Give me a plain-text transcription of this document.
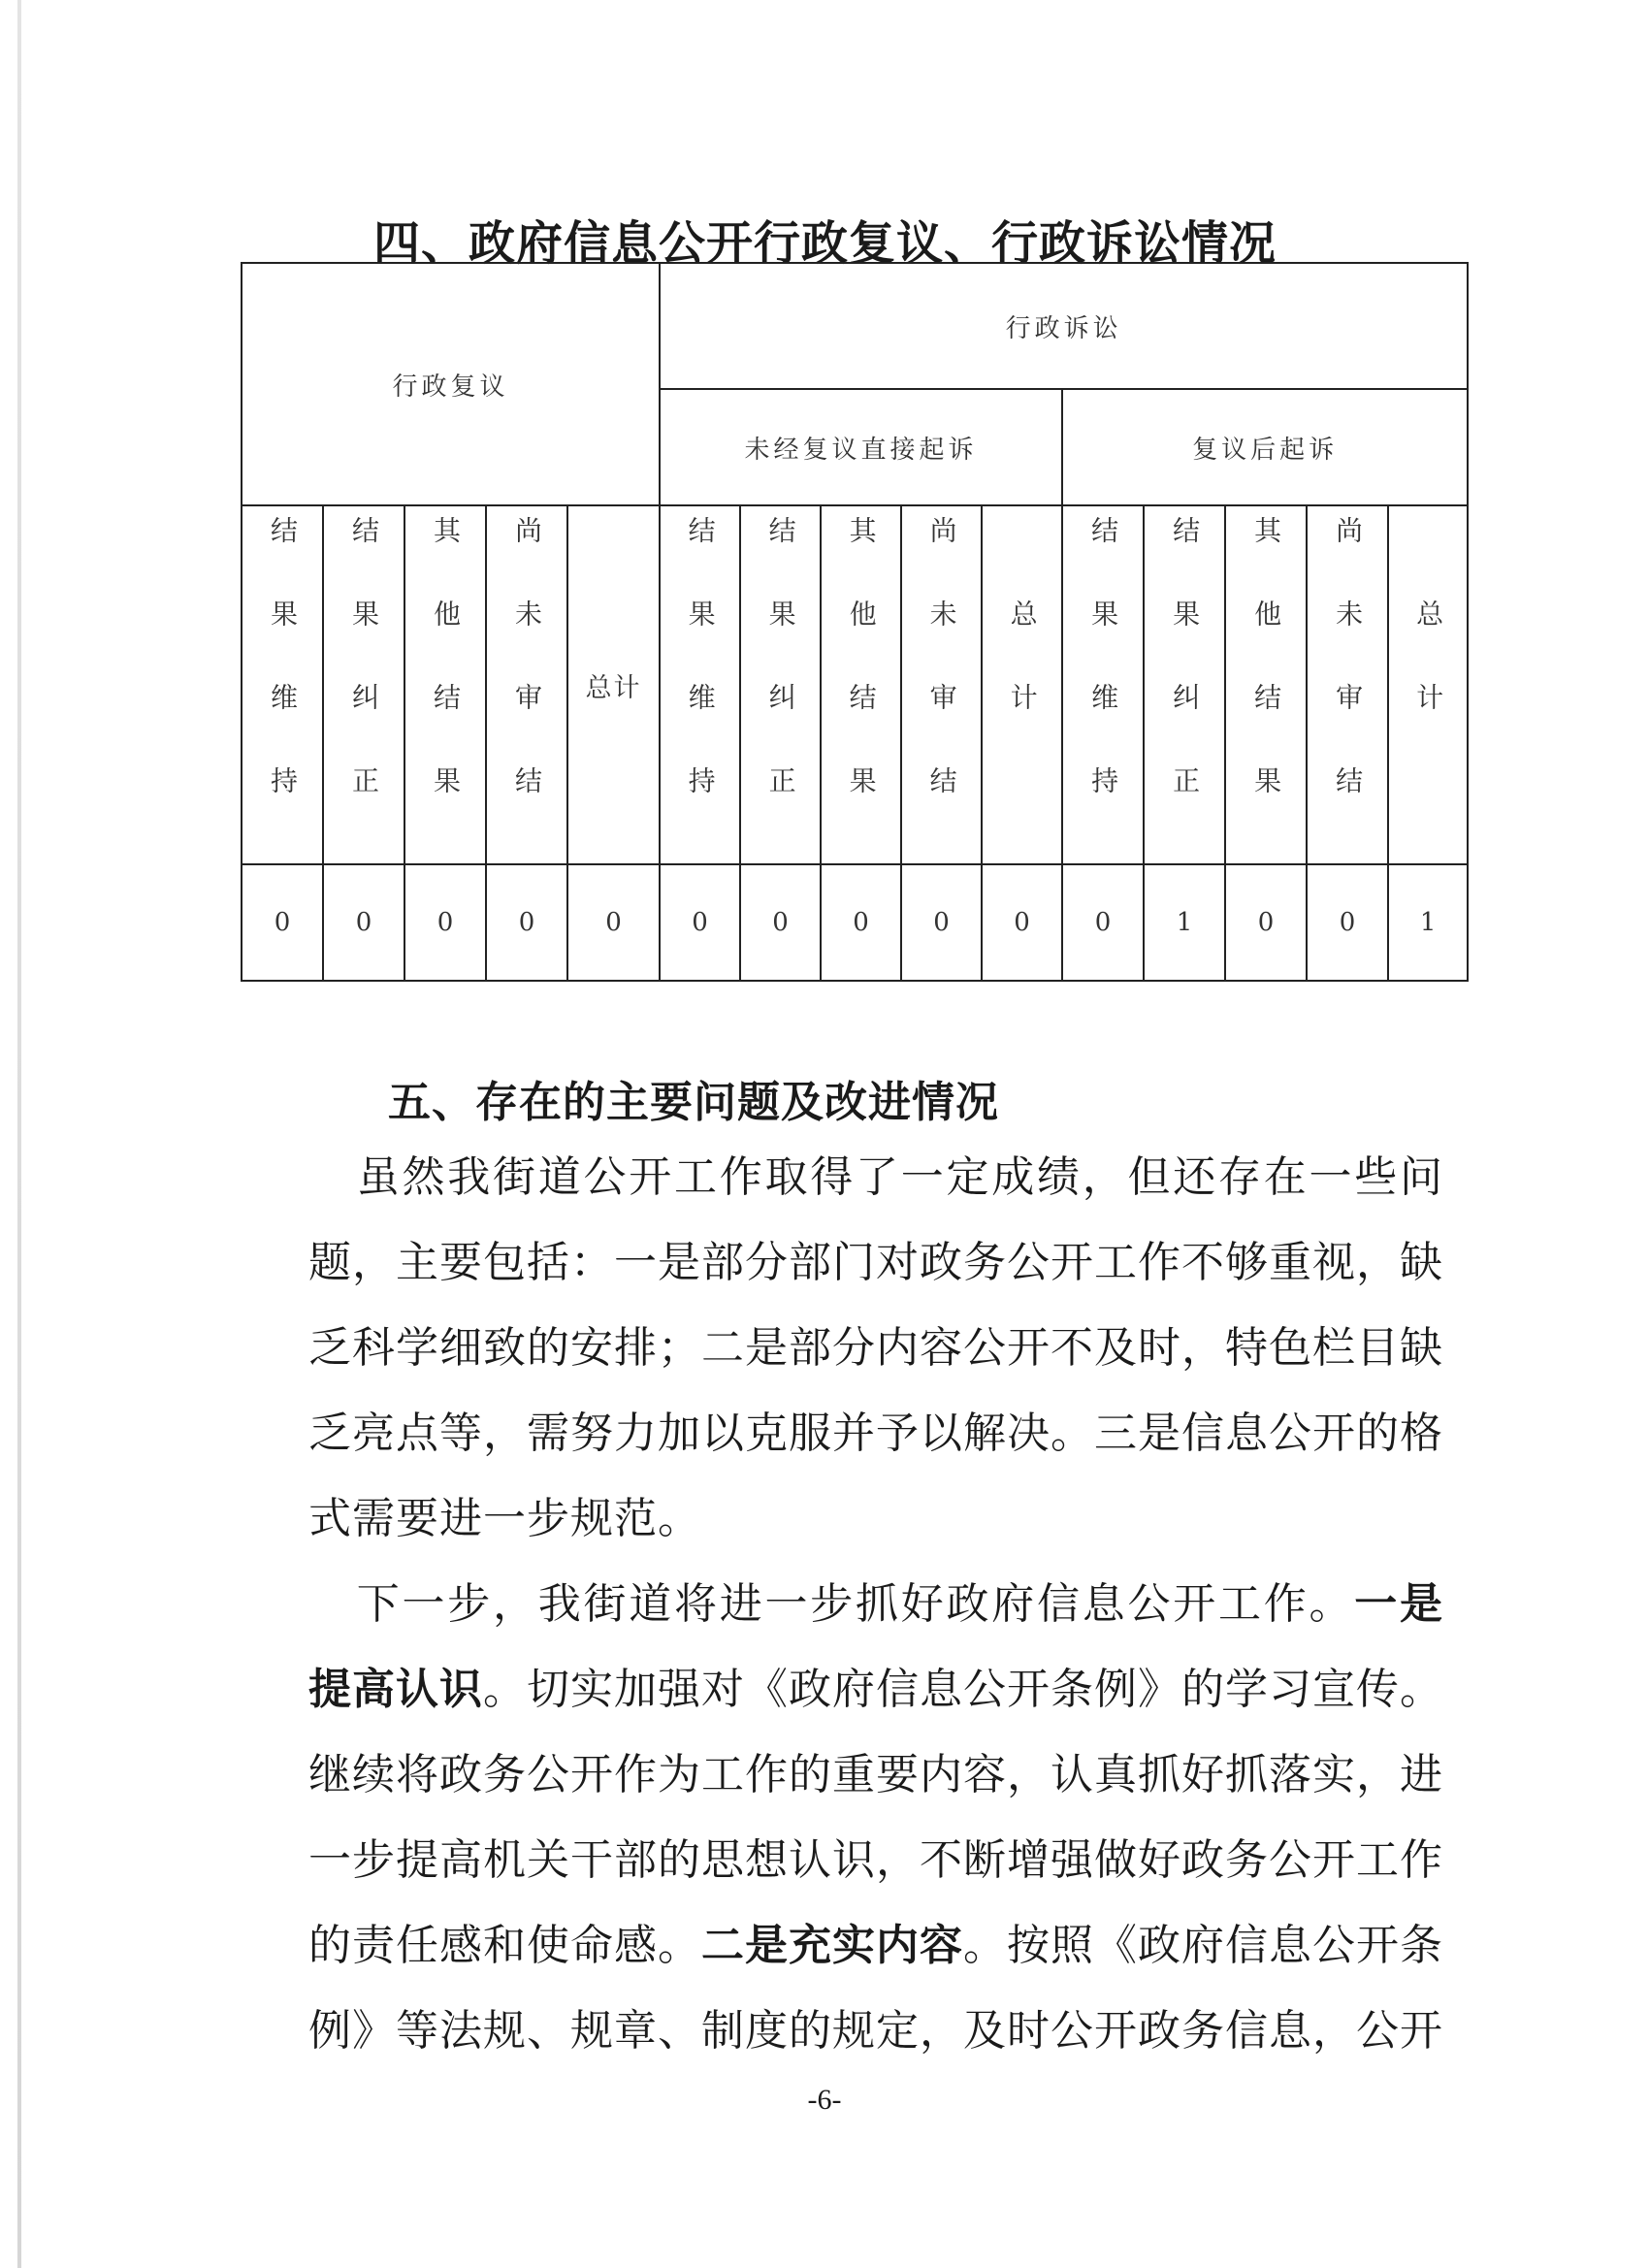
四、政府信息公开行政复议、行政诉讼情况
行政复议					行政诉讼									
					未经复议直接起诉					复议后起诉				
结果维持	结果纠正	其他结果	尚未审结	总计	结果维持	结果纠正	其他结果	尚未审结	总计	结果维持	结果纠正	其他结果	尚未审结	总计
0	0	0	0	0	0	0	0	0	0	0	1	0	0	1
五、存在的主要问题及改进情况
虽然我街道公开工作取得了一定成绩，但还存在一些问题，主要包括：一是部分部门对政务公开工作不够重视，缺乏科学细致的安排；二是部分内容公开不及时，特色栏目缺乏亮点等，需努力加以克服并予以解决。三是信息公开的格式需要进一步规范。
下一步，我街道将进一步抓好政府信息公开工作。一是提高认识。切实加强对《政府信息公开条例》的学习宣传。继续将政务公开作为工作的重要内容，认真抓好抓落实，进一步提高机关干部的思想认识，不断增强做好政务公开工作的责任感和使命感。二是充实内容。按照《政府信息公开条例》等法规、规章、制度的规定，及时公开政务信息，公开
-6-
